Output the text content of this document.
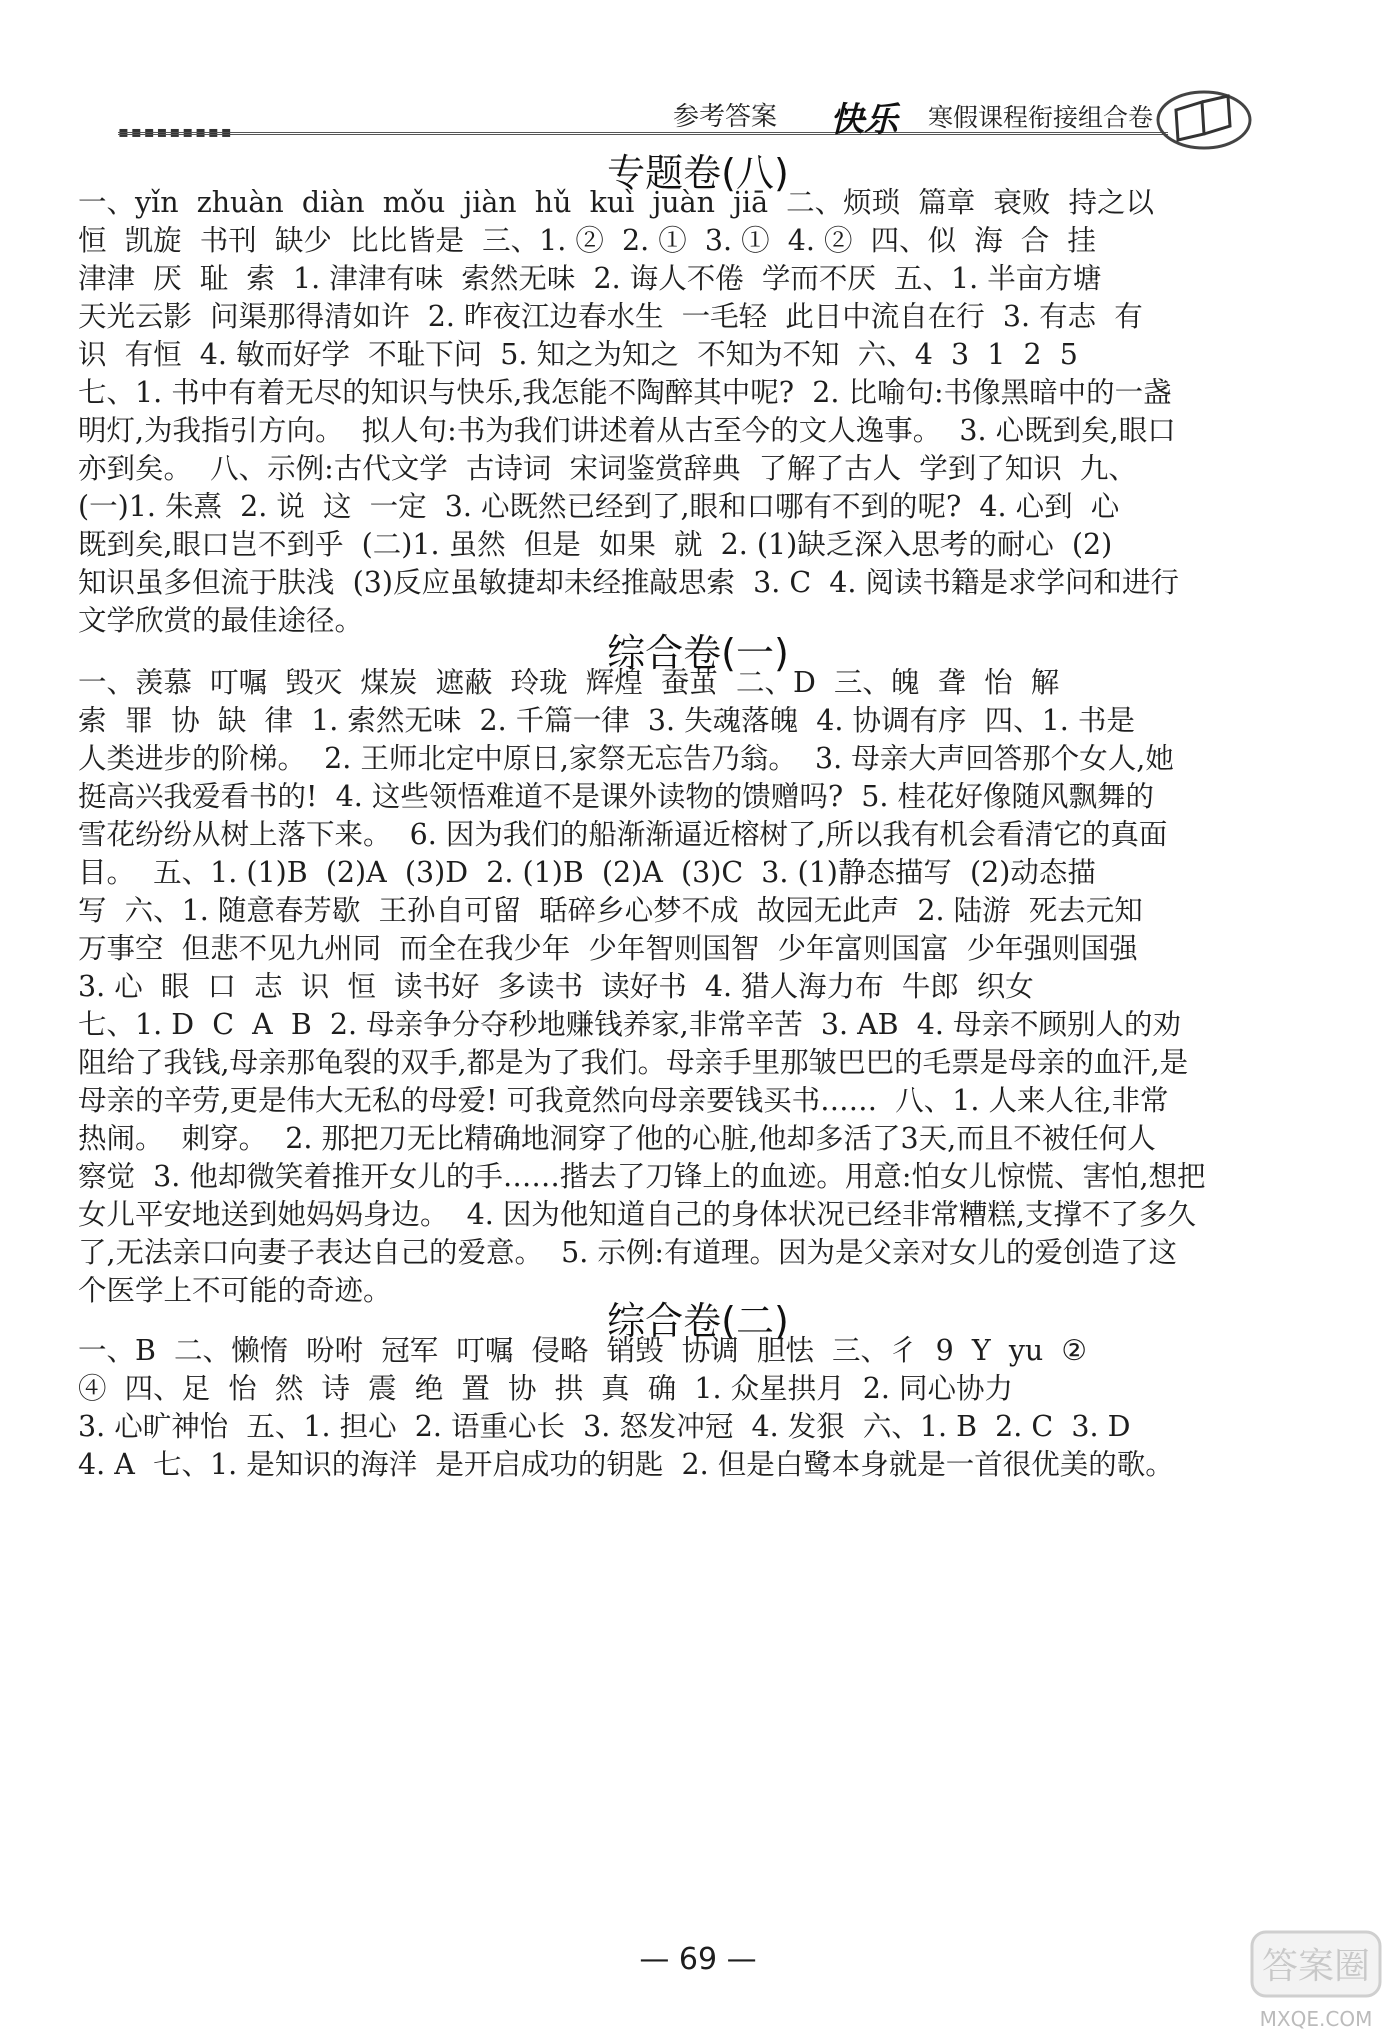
▪▪▪▪▪▪▪▪▪	参考答案 快乐 寒假课程衔接组合卷
专题卷(八)
一、yǐn  zhuàn  diàn  mǒu  jiàn  hǔ  kuì  juàn  jiā  二、烦琐  篇章  衰败  持之以
恒  凯旋  书刊  缺少  比比皆是  三、1. ②  2. ①  3. ①  4. ②  四、似  海  合  挂
津津  厌  耻  索  1. 津津有味  索然无味  2. 诲人不倦  学而不厌  五、1. 半亩方塘
天光云影  问渠那得清如许  2. 昨夜江边春水生  一毛轻  此日中流自在行  3. 有志  有
识  有恒  4. 敏而好学  不耻下问  5. 知之为知之  不知为不知  六、4  3  1  2  5
七、1. 书中有着无尽的知识与快乐,我怎能不陶醉其中呢?  2. 比喻句:书像黑暗中的一盏
明灯,为我指引方向。  拟人句:书为我们讲述着从古至今的文人逸事。  3. 心既到矣,眼口
亦到矣。  八、示例:古代文学  古诗词  宋词鉴赏辞典  了解了古人  学到了知识  九、
(一)1. 朱熹  2. 说  这  一定  3. 心既然已经到了,眼和口哪有不到的呢?  4. 心到  心
既到矣,眼口岂不到乎  (二)1. 虽然  但是  如果  就  2. (1)缺乏深入思考的耐心  (2)
知识虽多但流于肤浅  (3)反应虽敏捷却未经推敲思索  3. C  4. 阅读书籍是求学问和进行
文学欣赏的最佳途径。
综合卷(一)
一、羡慕  叮嘱  毁灭  煤炭  遮蔽  玲珑  辉煌  蚕茧  二、D  三、魄  聋  怡  解
索  罪  协  缺  律  1. 索然无味  2. 千篇一律  3. 失魂落魄  4. 协调有序  四、1. 书是
人类进步的阶梯。  2. 王师北定中原日,家祭无忘告乃翁。  3. 母亲大声回答那个女人,她
挺高兴我爱看书的!  4. 这些领悟难道不是课外读物的馈赠吗?  5. 桂花好像随风飘舞的
雪花纷纷从树上落下来。  6. 因为我们的船渐渐逼近榕树了,所以我有机会看清它的真面
目。  五、1. (1)B  (2)A  (3)D  2. (1)B  (2)A  (3)C  3. (1)静态描写  (2)动态描
写  六、1. 随意春芳歇  王孙自可留  聒碎乡心梦不成  故园无此声  2. 陆游  死去元知
万事空  但悲不见九州同  而全在我少年  少年智则国智  少年富则国富  少年强则国强
3. 心  眼  口  志  识  恒  读书好  多读书  读好书  4. 猎人海力布  牛郎  织女
七、1. D  C  A  B  2. 母亲争分夺秒地赚钱养家,非常辛苦  3. AB  4. 母亲不顾别人的劝
阻给了我钱,母亲那龟裂的双手,都是为了我们。母亲手里那皱巴巴的毛票是母亲的血汗,是
母亲的辛劳,更是伟大无私的母爱! 可我竟然向母亲要钱买书……  八、1. 人来人往,非常
热闹。  刺穿。  2. 那把刀无比精确地洞穿了他的心脏,他却多活了3天,而且不被任何人
察觉  3. 他却微笑着推开女儿的手……揩去了刀锋上的血迹。用意:怕女儿惊慌、害怕,想把
女儿平安地送到她妈妈身边。  4. 因为他知道自己的身体状况已经非常糟糕,支撑不了多久
了,无法亲口向妻子表达自己的爱意。  5. 示例:有道理。因为是父亲对女儿的爱创造了这
个医学上不可能的奇迹。
综合卷(二)
一、B  二、懒惰  吩咐  冠军  叮嘱  侵略  销毁  协调  胆怯  三、彳  9  Y  yu  ②
④  四、足  怡  然  诗  震  绝  置  协  拱  真  确  1. 众星拱月  2. 同心协力
3. 心旷神怡  五、1. 担心  2. 语重心长  3. 怒发冲冠  4. 发狠  六、1. B  2. C  3. D
4. A  七、1. 是知识的海洋  是开启成功的钥匙  2. 但是白鹭本身就是一首很优美的歌。
— 69 —	答案圈
MXQE.COM
